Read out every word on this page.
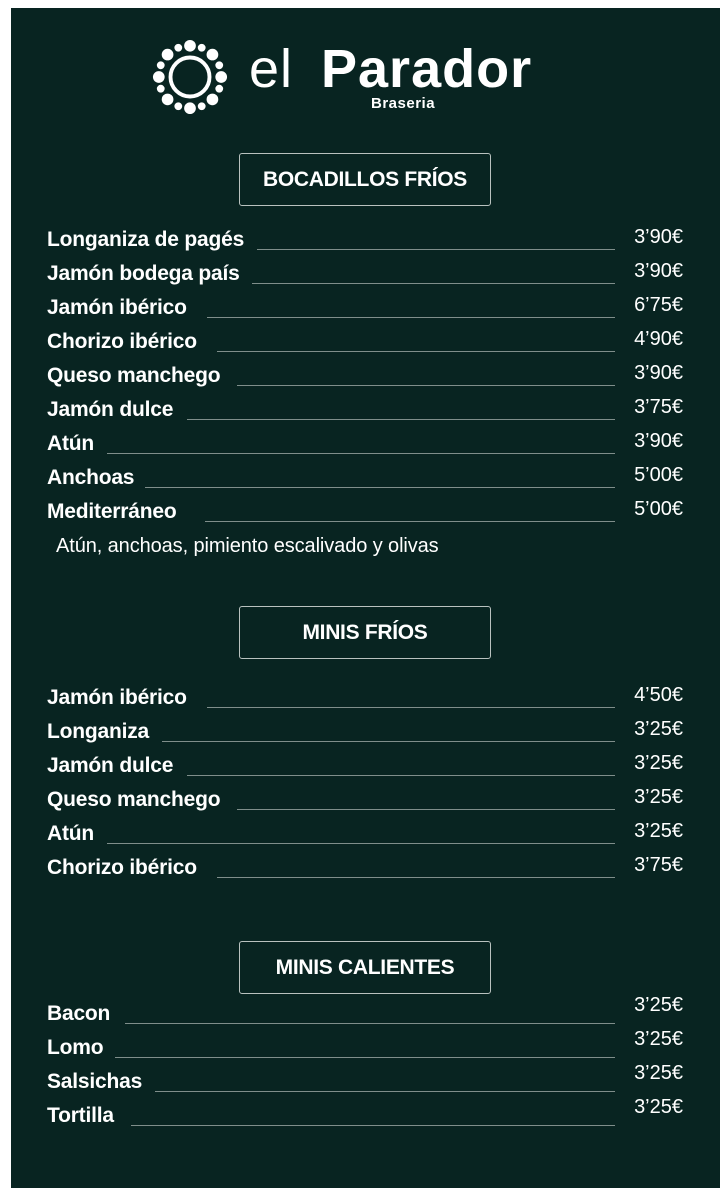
el Parador
Braseria
BOCADILLOS FRÍOS
Longaniza de pagés	3’90€
Jamón bodega país	3’90€
Jamón ibérico	6’75€
Chorizo ibérico	4’90€
Queso manchego	3’90€
Jamón dulce	3’75€
Atún	3’90€
Anchoas	5’00€
Mediterráneo	5’00€
Atún, anchoas, pimiento escalivado y olivas
MINIS FRÍOS
Jamón ibérico	4’50€
Longaniza	3’25€
Jamón dulce	3’25€
Queso manchego	3’25€
Atún	3’25€
Chorizo ibérico	3’75€
MINIS CALIENTES
Bacon	3’25€
Lomo	3’25€
Salsichas	3’25€
Tortilla	3’25€
